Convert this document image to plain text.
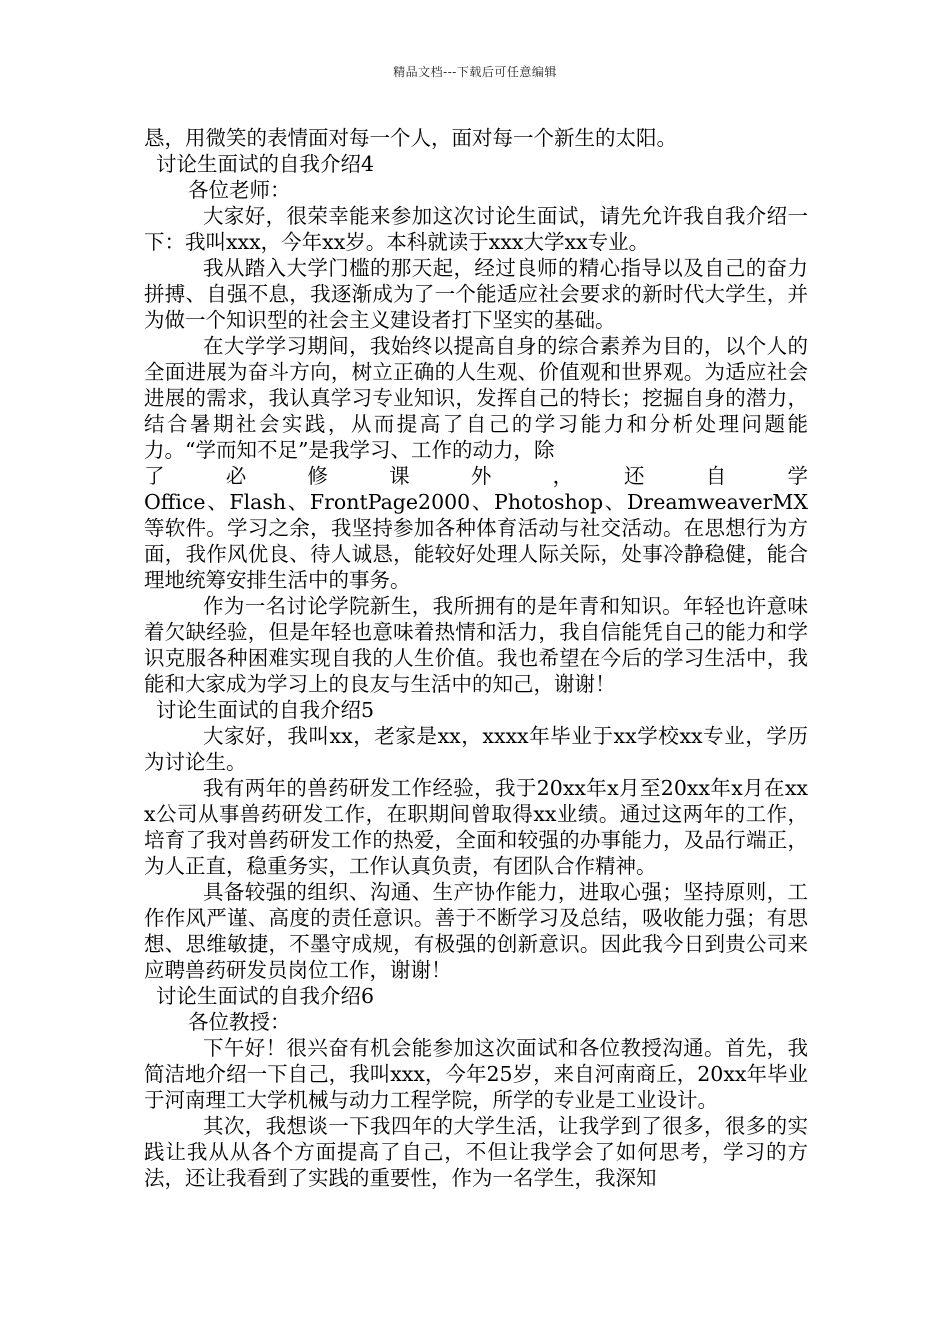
精品文档---下载后可任意编辑

恳，用微笑的表情面对每一个人，面对每一个新生的太阳。

讨论生面试的自我介绍4

各位老师：

大家好，很荣幸能来参加这次讨论生面试，请先允许我自我介绍一下：我叫xxx，今年xx岁。本科就读于xxx大学xx专业。

我从踏入大学门槛的那天起，经过良师的精心指导以及自己的奋力拼搏、自强不息，我逐渐成为了一个能适应社会要求的新时代大学生，并为做一个知识型的社会主义建设者打下坚实的基础。

在大学学习期间，我始终以提高自身的综合素养为目的，以个人的全面进展为奋斗方向，树立正确的人生观、价值观和世界观。为适应社会进展的需求，我认真学习专业知识，发挥自己的特长；挖掘自身的潜力，结合暑期社会实践，从而提高了自己的学习能力和分析处理问题能力。“学而知不足”是我学习、工作的动力，除

了　必　修　课　外　，　还　自　学

Office、Flash、FrontPage2000、Photoshop、DreamweaverMX等软件。学习之余，我坚持参加各种体育活动与社交活动。在思想行为方面，我作风优良、待人诚恳，能较好处理人际关际，处事冷静稳健，能合理地统筹安排生活中的事务。

作为一名讨论学院新生，我所拥有的是年青和知识。年轻也许意味着欠缺经验，但是年轻也意味着热情和活力，我自信能凭自己的能力和学识克服各种困难实现自我的人生价值。我也希望在今后的学习生活中，我能和大家成为学习上的良友与生活中的知己，谢谢！

讨论生面试的自我介绍5

大家好，我叫xx，老家是xx，xxxx年毕业于xx学校xx专业，学历为讨论生。

我有两年的兽药研发工作经验，我于20xx年x月至20xx年x月在xxx公司从事兽药研发工作，在职期间曾取得xx业绩。通过这两年的工作，培育了我对兽药研发工作的热爱，全面和较强的办事能力，及品行端正，为人正直，稳重务实，工作认真负责，有团队合作精神。

具备较强的组织、沟通、生产协作能力，进取心强；坚持原则，工作作风严谨、高度的责任意识。善于不断学习及总结，吸收能力强；有思想、思维敏捷，不墨守成规，有极强的创新意识。因此我今日到贵公司来应聘兽药研发员岗位工作，谢谢！

讨论生面试的自我介绍6

各位教授：

下午好！很兴奋有机会能参加这次面试和各位教授沟通。首先，我简洁地介绍一下自己，我叫xxx，今年25岁，来自河南商丘，20xx年毕业于河南理工大学机械与动力工程学院，所学的专业是工业设计。

其次，我想谈一下我四年的大学生活，让我学到了很多，很多的实践让我从从各个方面提高了自己，不但让我学会了如何思考，学习的方法，还让我看到了实践的重要性，作为一名学生，我深知
